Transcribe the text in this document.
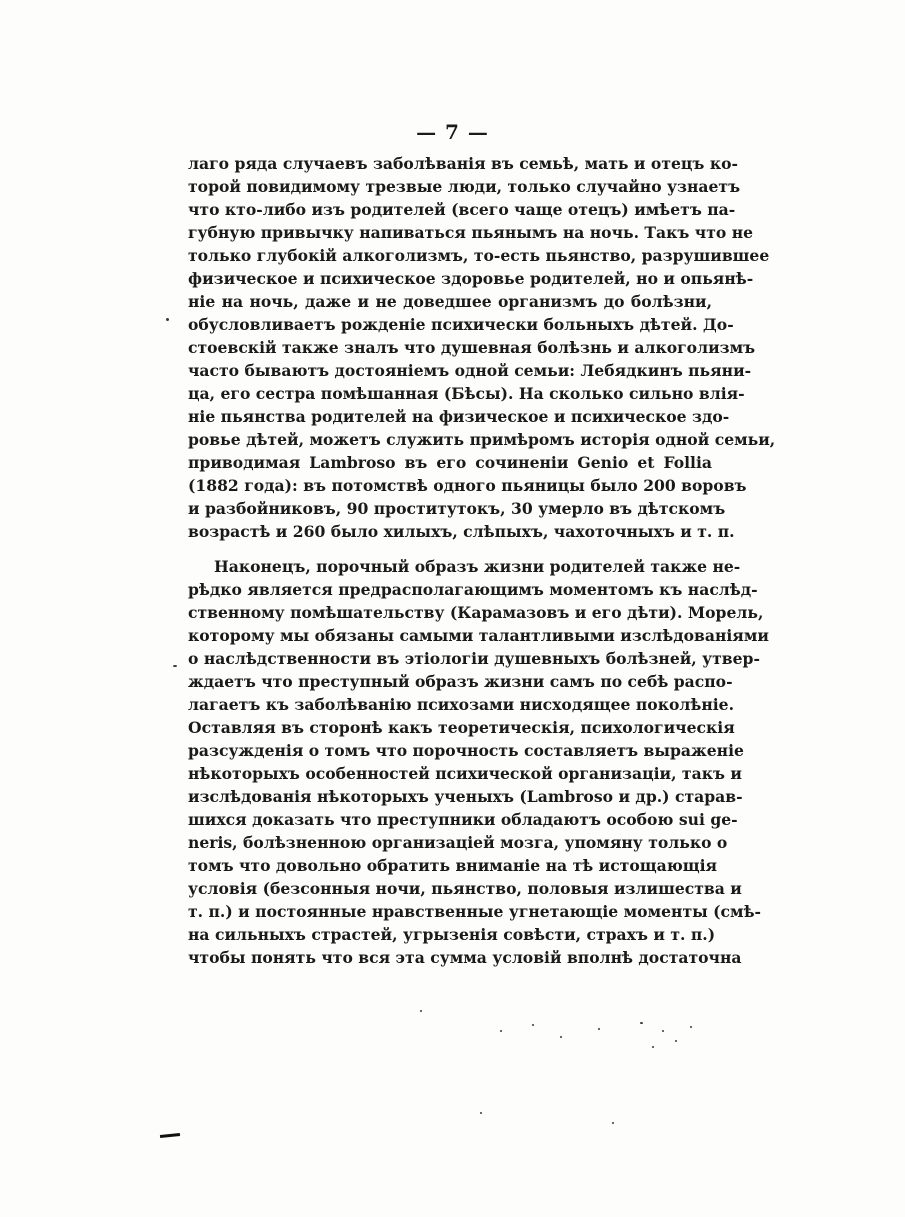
— 7 —
лаго ряда случаевъ заболѣванія въ семьѣ, мать и отецъ ко-
торой повидимому трезвые люди, только случайно узнаетъ
что кто-либо изъ родителей (всего чаще отецъ) имѣетъ па-
губную привычку напиваться пьянымъ на ночь. Такъ что не
только глубокій алкоголизмъ, то-есть пьянство, разрушившее
физическое и психическое здоровье родителей, но и опьянѣ-
ніе на ночь, даже и не доведшее организмъ до болѣзни,
обусловливаетъ рожденіе психически больныхъ дѣтей. До-
стоевскій также зналъ что душевная болѣзнь и алкоголизмъ
часто бываютъ достояніемъ одной семьи: Лебядкинъ пьяни-
ца, его сестра помѣшанная (Бѣсы). На сколько сильно влія-
ніе пьянства родителей на физическое и психическое здо-
ровье дѣтей, можетъ служить примѣромъ исторія одной семьи,
приводимая Lambroso въ его сочиненіи Genio et Follia
(1882 года): въ потомствѣ одного пьяницы было 200 воровъ
и разбойниковъ, 90 проститутокъ, 30 умерло въ дѣтскомъ
возрастѣ и 260 было хилыхъ, слѣпыхъ, чахоточныхъ и т. п.
Наконецъ, порочный образъ жизни родителей также не-
рѣдко является предрасполагающимъ моментомъ къ наслѣд-
ственному помѣшательству (Карамазовъ и его дѣти). Морель,
которому мы обязаны самыми талантливыми изслѣдованіями
о наслѣдственности въ этіологіи душевныхъ болѣзней, утвер-
ждаетъ что преступный образъ жизни самъ по себѣ распо-
лагаетъ къ заболѣванію психозами нисходящее поколѣніе.
Оставляя въ сторонѣ какъ теоретическія, психологическія
разсужденія о томъ что порочность составляетъ выраженіе
нѣкоторыхъ особенностей психической организаціи, такъ и
изслѣдованія нѣкоторыхъ ученыхъ (Lambroso и др.) старав-
шихся доказать что преступники обладаютъ особою sui ge-
neris, болѣзненною организаціей мозга, упомяну только о
томъ что довольно обратить вниманіе на тѣ истощающія
условія (безсонныя ночи, пьянство, половыя излишества и
т. п.) и постоянные нравственные угнетающіе моменты (смѣ-
на сильныхъ страстей, угрызенія совѣсти, страхъ и т. п.)
чтобы понять что вся эта сумма условій вполнѣ достаточна
